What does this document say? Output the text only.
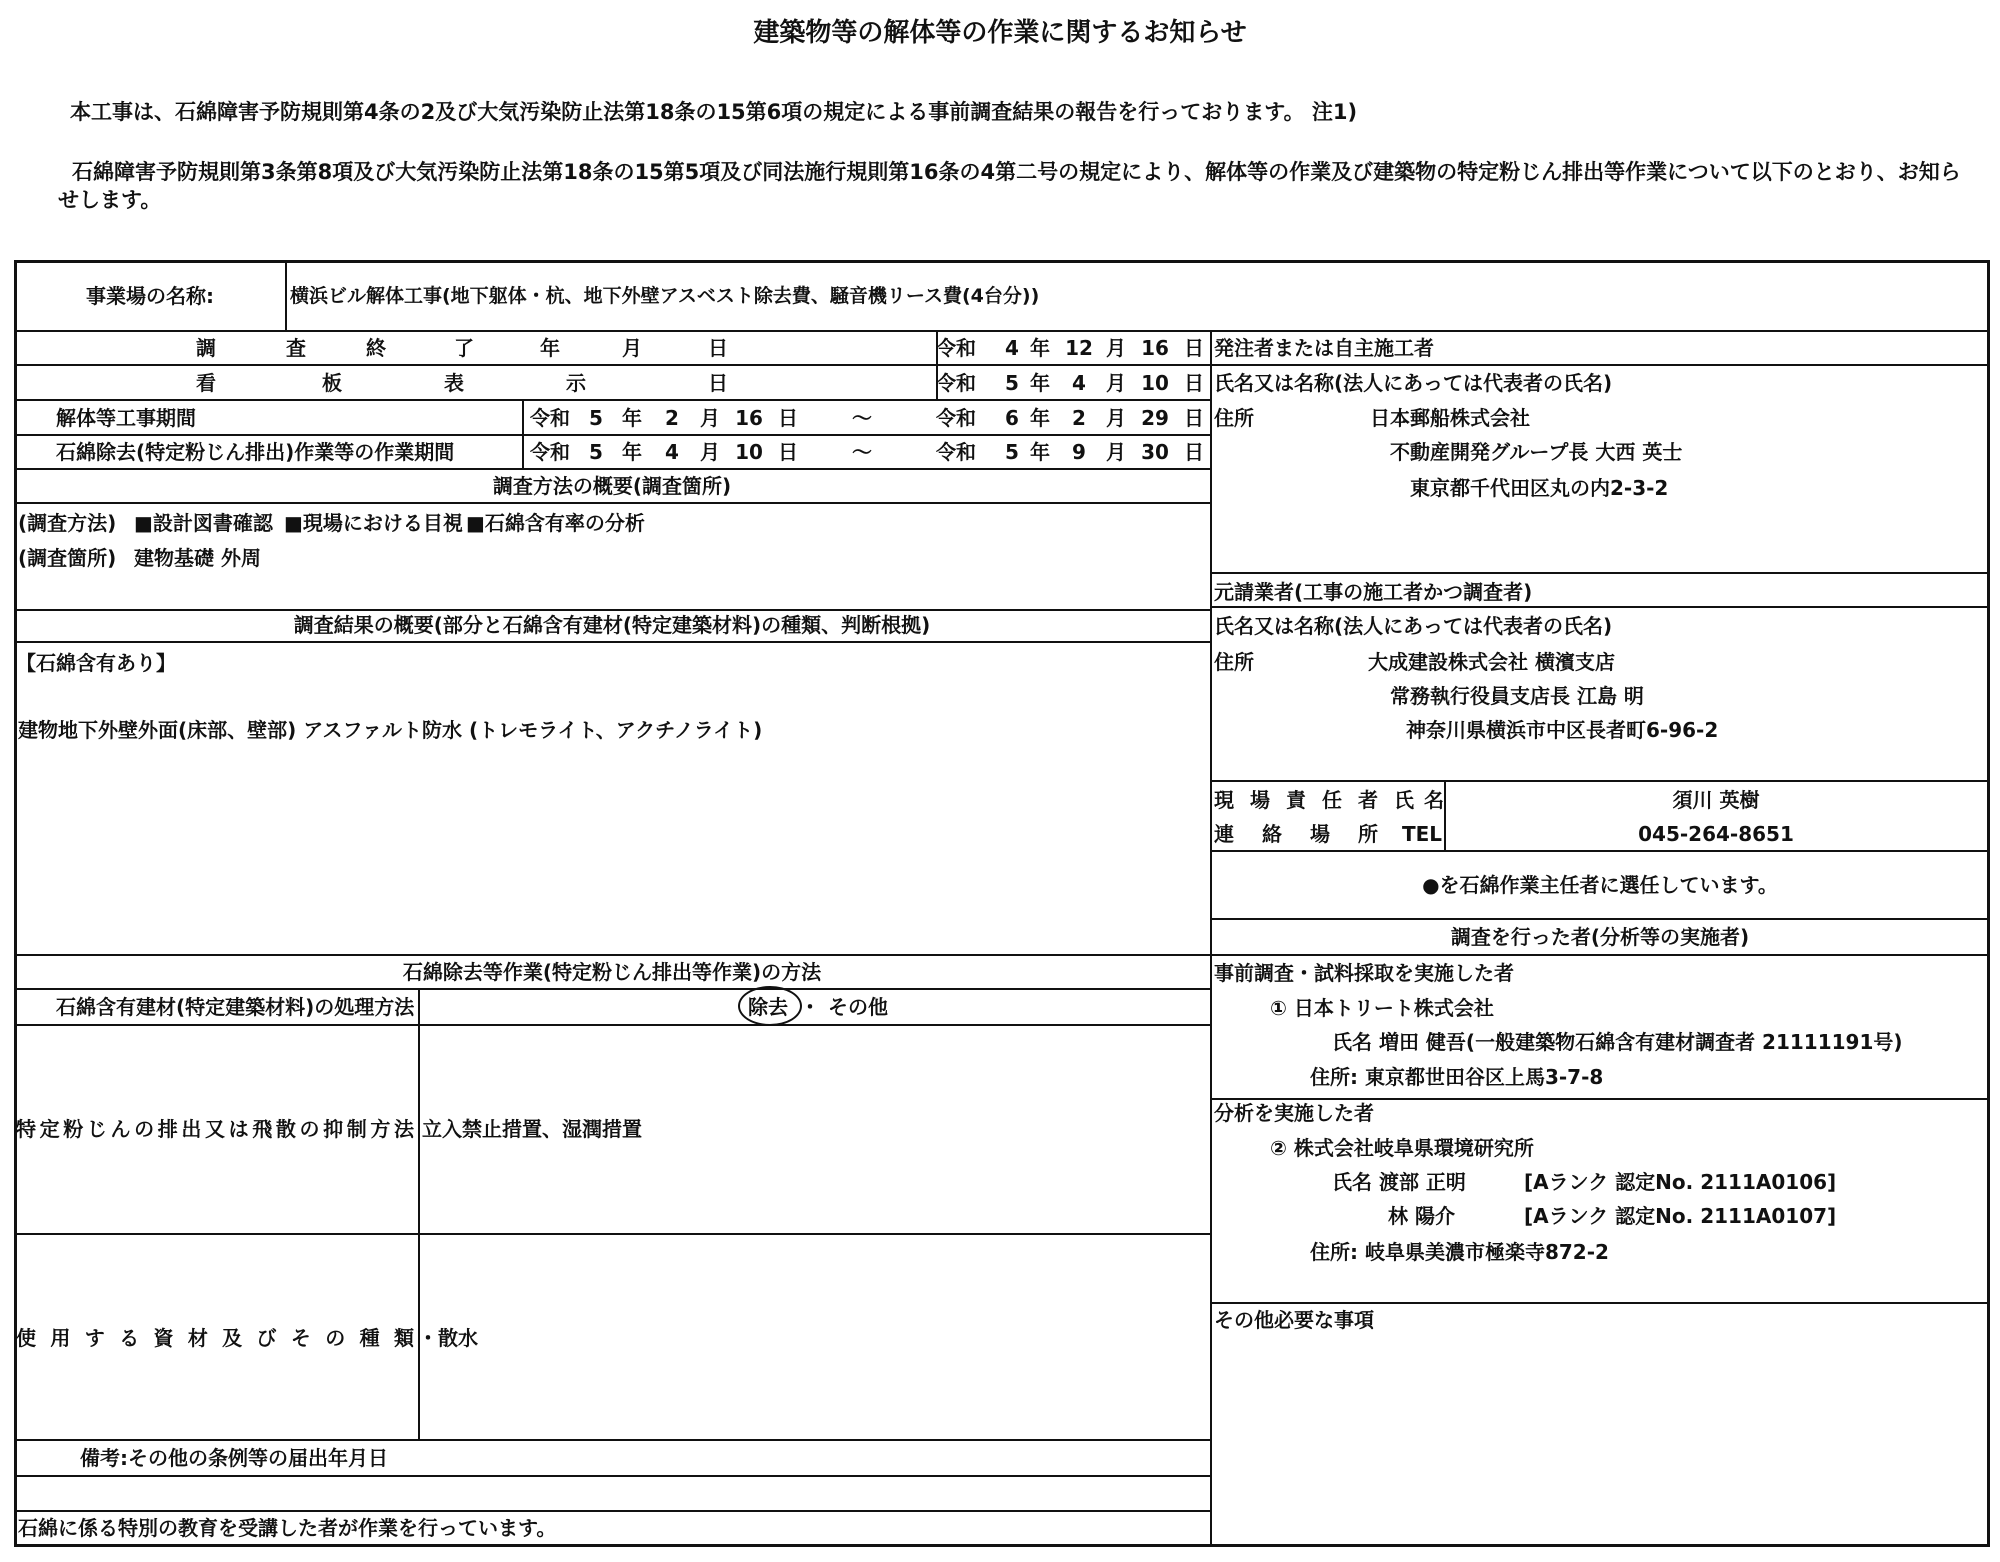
建築物等の解体等の作業に関するお知らせ
本工事は、石綿障害予防規則第4条の2及び大気汚染防止法第18条の15第6項の規定による事前調査結果の報告を行っております。 注1)
石綿障害予防規則第3条第8項及び大気汚染防止法第18条の15第5項及び同法施行規則第16条の4第二号の規定により、解体等の作業及び建築物の特定粉じん排出等作業について以下のとおり、お知ら
せします。
事業場の名称:	横浜ビル解体工事(地下躯体・杭、地下外壁アスベスト除去費、騒音機リース費(4台分))
調	査	終	了	年	月	日	令和 4 年 12 月 16 日
看	板	表	示	日	令和 5 年	4	月 10 日
解体等工事期間	令和 5 年 2 月 16 日	～	令和 6 年	2	月 29 日
石綿除去(特定粉じん排出)作業等の作業期間	令和 5 年 4 月 10 日	～	令和 5 年	9	月 30 日
調査方法の概要(調査箇所)
(調査方法) ■設計図書確認 ■現場における目視 ■石綿含有率の分析
(調査箇所) 建物基礎 外周
調査結果の概要(部分と石綿含有建材(特定建築材料)の種類、判断根拠)
【石綿含有あり】
建物地下外壁外面(床部、壁部) アスファルト防水 (トレモライト、アクチノライト)
石綿除去等作業(特定粉じん排出等作業)の方法
石綿含有建材(特定建築材料)の処理方法	除去 ・ その他
特定粉じんの排出又は飛散の抑制方法 立入禁止措置、湿潤措置
使用する資材及びその種類 ・散水
備考:その他の条例等の届出年月日
石綿に係る特別の教育を受講した者が作業を行っています。
発注者または自主施工者
氏名又は名称(法人にあっては代表者の氏名)
住所	日本郵船株式会社
不動産開発グループ長 大西 英士
東京都千代田区丸の内2-3-2
元請業者(工事の施工者かつ調査者)
氏名又は名称(法人にあっては代表者の氏名)
住所	大成建設株式会社 横濱支店
常務執行役員支店長 江島 明
神奈川県横浜市中区長者町6-96-2
現 場 責 任 者 氏 名
連 絡 場 所 TEL
須川 英樹
045-264-8651
●を石綿作業主任者に選任しています。
調査を行った者(分析等の実施者)
事前調査・試料採取を実施した者
① 日本トリート株式会社
氏名 増田 健吾(一般建築物石綿含有建材調査者 21111191号)
住所: 東京都世田谷区上馬3-7-8
分析を実施した者
② 株式会社岐阜県環境研究所
氏名 渡部 正明	[Aランク 認定No. 2111A0106]
林 陽介	[Aランク 認定No. 2111A0107]
住所: 岐阜県美濃市極楽寺872-2
その他必要な事項
